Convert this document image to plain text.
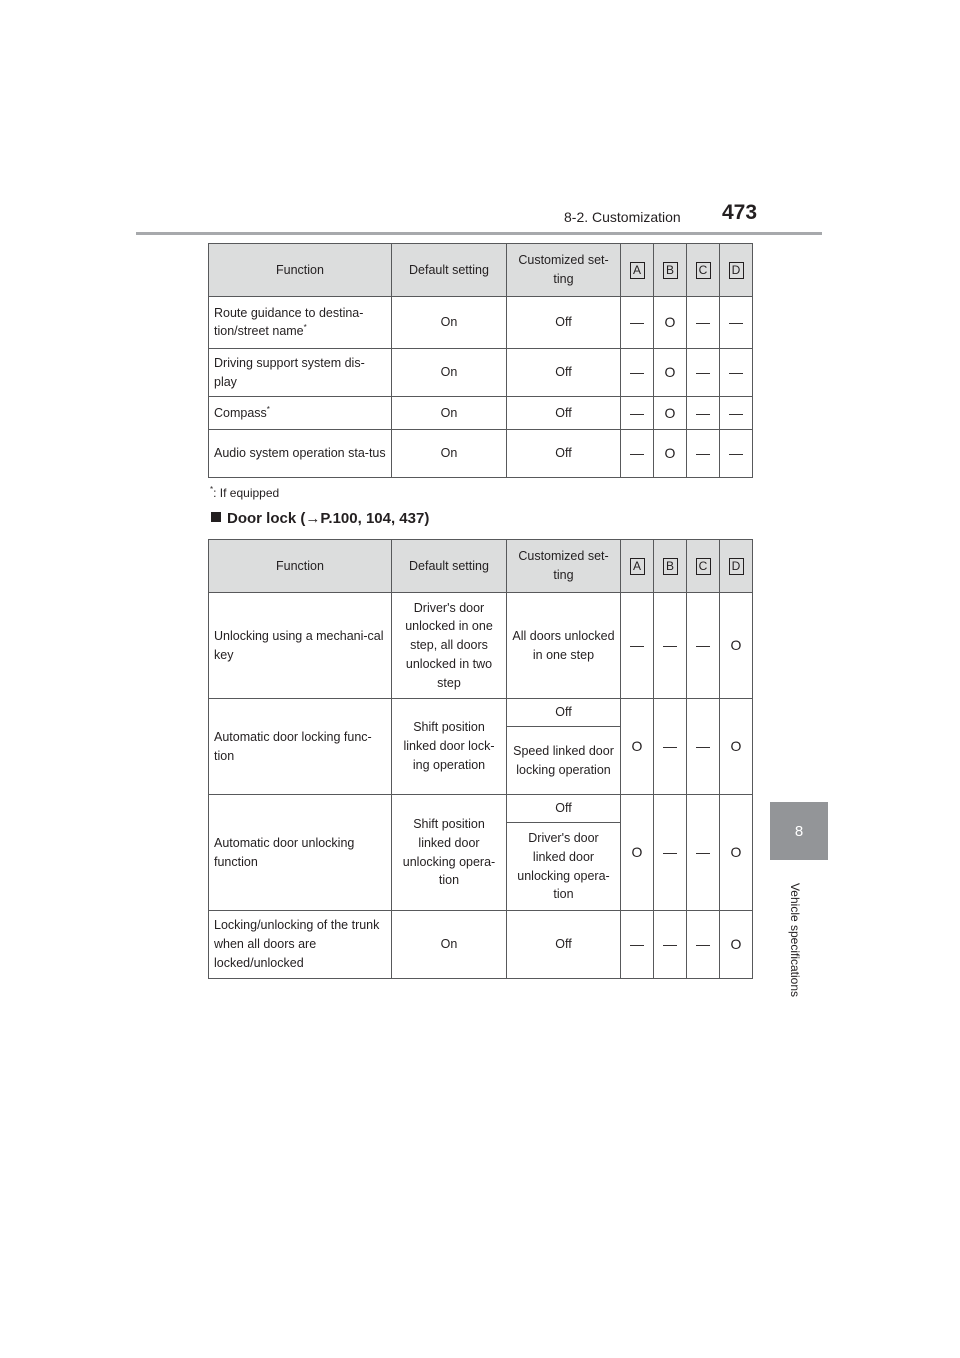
8-2. Customization 473
8
Vehicle specifications
Function	Default setting	Customized set-ting	A	B	C	D
Route guidance to destina-tion/street name*	On	Off	—	O	—	—
Driving support system dis-play	On	Off	—	O	—	—
Compass*	On	Off	—	O	—	—
Audio system operation sta-tus	On	Off	—	O	—	—
*: If equipped
Door lock (→P.100, 104, 437)
Function	Default setting	Customized set-ting	A	B	C	D
Unlocking using a mechani-cal key	Driver's door unlocked in one step, all doors unlocked in two step	All doors unlocked in one step	—	—	—	O
Automatic door locking func-tion	Shift position linked door lock-ing operation	Off	O	—	—	O
		Speed linked door locking operation				
Automatic door unlocking function	Shift position linked door unlocking opera-tion	Off	O	—	—	O
		Driver's door linked door unlocking opera-tion				
Locking/unlocking of the trunk when all doors are locked/unlocked	On	Off	—	—	—	O
